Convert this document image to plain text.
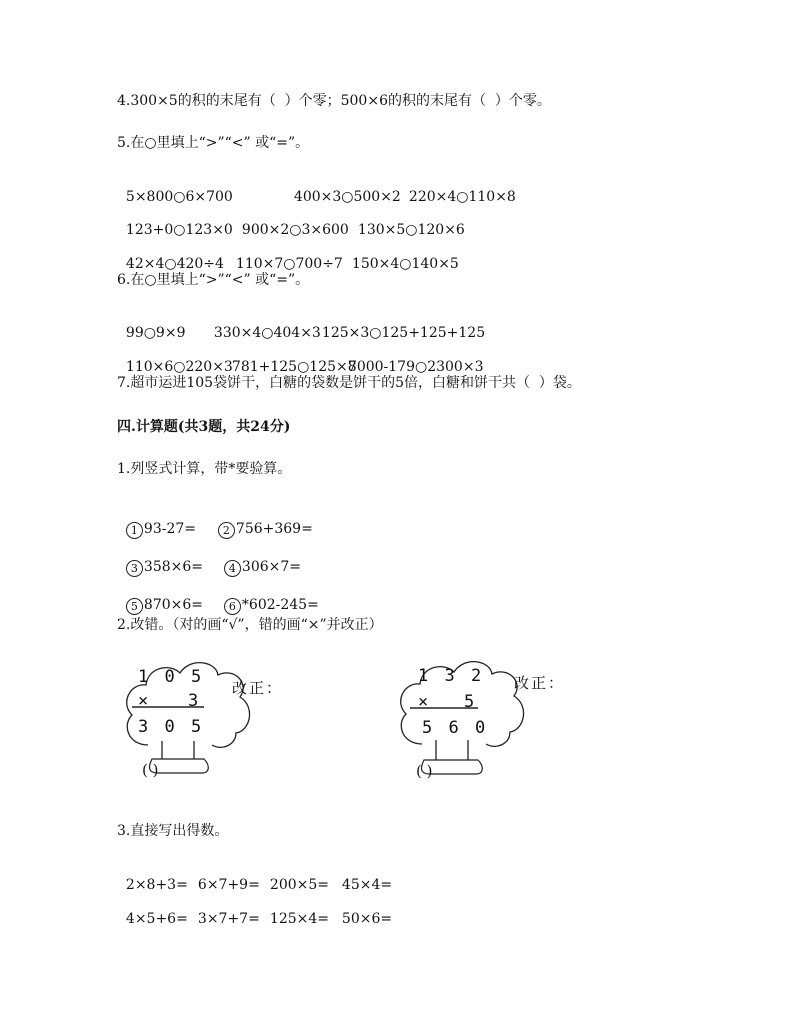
4.300×5的积的末尾有（  ）个零；500×6的积的末尾有（  ）个零。
5.在○里填上“>”“<” 或“=”。

5×800○6×700	400×3○500×2 220×4○110×8

123+0○123×0 900×2○3×600 130×5○120×6

42×4○420÷4 110×7○700÷7 150×4○140×5

6.在○里填上“>”“<” 或“=”。

99○9×9 330×4○404×3125×3○125+125+125

110×6○220×3781+125○125×87000-179○2300×3

7.超市运进105袋饼干，白糖的袋数是饼干的5倍，白糖和饼干共（  ）袋。
四.计算题(共3题，共24分)
1.列竖式计算，带*要验算。

1 93-27= 2 756+369=

3 358×6= 4 306×7=

5 870×6= 6 *602-245=

2.改错。（对的画“√”，错的画“×”并改正）
1 0 5
× 3
3 0 5
( )
改正：
1 3 2
× 5
5 6 0
( )
改正：
3.直接写出得数。

2×8+3= 6×7+9= 200×5= 45×4=

4×5+6= 3×7+7= 125×4= 50×6=
